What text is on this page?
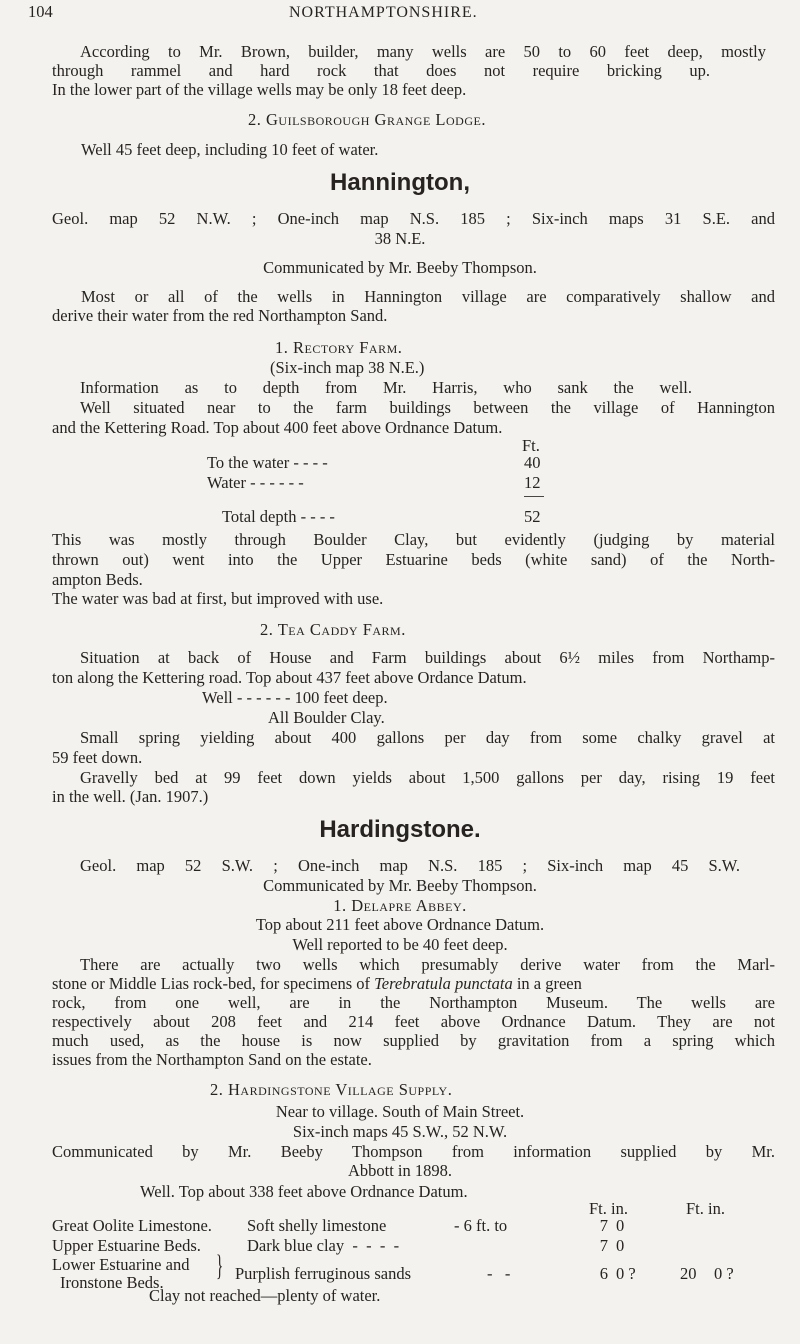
104	NORTHAMPTONSHIRE.
According to Mr. Brown, builder, many wells are 50 to 60 feet deep, mostly
through rammel and hard rock that does not require bricking up.
In the lower part of the village wells may be only 18 feet deep.
2. Guilsborough Grange Lodge.
Well 45 feet deep, including 10 feet of water.
Hannington,
Geol. map 52 N.W. ; One-inch map N.S. 185 ; Six-inch maps 31 S.E. and
38 N.E.
Communicated by Mr. Beeby Thompson.
Most or all of the wells in Hannington village are comparatively shallow and
derive their water from the red Northampton Sand.
1. Rectory Farm.
(Six-inch map 38 N.E.)
Information as to depth from Mr. Harris, who sank the well.
Well situated near to the farm buildings between the village of Hannington
and the Kettering Road. Top about 400 feet above Ordnance Datum.
Ft.
To the water - - - -	40
Water - - - - - -	12
Total depth - - - -	52
This was mostly through Boulder Clay, but evidently (judging by material
thrown out) went into the Upper Estuarine beds (white sand) of the North-
ampton Beds.
The water was bad at first, but improved with use.
2. Tea Caddy Farm.
Situation at back of House and Farm buildings about 6½ miles from Northamp-
ton along the Kettering road. Top about 437 feet above Ordance Datum.
Well - - - - - - 100 feet deep.
All Boulder Clay.
Small spring yielding about 400 gallons per day from some chalky gravel at
59 feet down.
Gravelly bed at 99 feet down yields about 1,500 gallons per day, rising 19 feet
in the well. (Jan. 1907.)
Hardingstone.
Geol. map 52 S.W. ; One-inch map N.S. 185 ; Six-inch map 45 S.W.
Communicated by Mr. Beeby Thompson.
1. Delapre Abbey.
Top about 211 feet above Ordnance Datum.
Well reported to be 40 feet deep.
There are actually two wells which presumably derive water from the Marl-
stone or Middle Lias rock-bed, for specimens of Terebratula punctata in a green
rock, from one well, are in the Northampton Museum. The wells are
respectively about 208 feet and 214 feet above Ordnance Datum. They are not
much used, as the house is now supplied by gravitation from a spring which
issues from the Northampton Sand on the estate.
2. Hardingstone Village Supply.
Near to village. South of Main Street.
Six-inch maps 45 S.W., 52 N.W.
Communicated by Mr. Beeby Thompson from information supplied by Mr.
Abbott in 1898.
Well. Top about 338 feet above Ordnance Datum.
Ft. in.	Ft. in.
Great Oolite Limestone. Soft shelly limestone	- 6 ft. to	7 0
Upper Estuarine Beds.	Dark blue clay  -  -  -  -	7 0
Lower Estuarine and
Ironstone Beds.
} Purplish ferruginous sands	-   -	6 0 ?	20 0 ?
Clay not reached—plenty of water.
